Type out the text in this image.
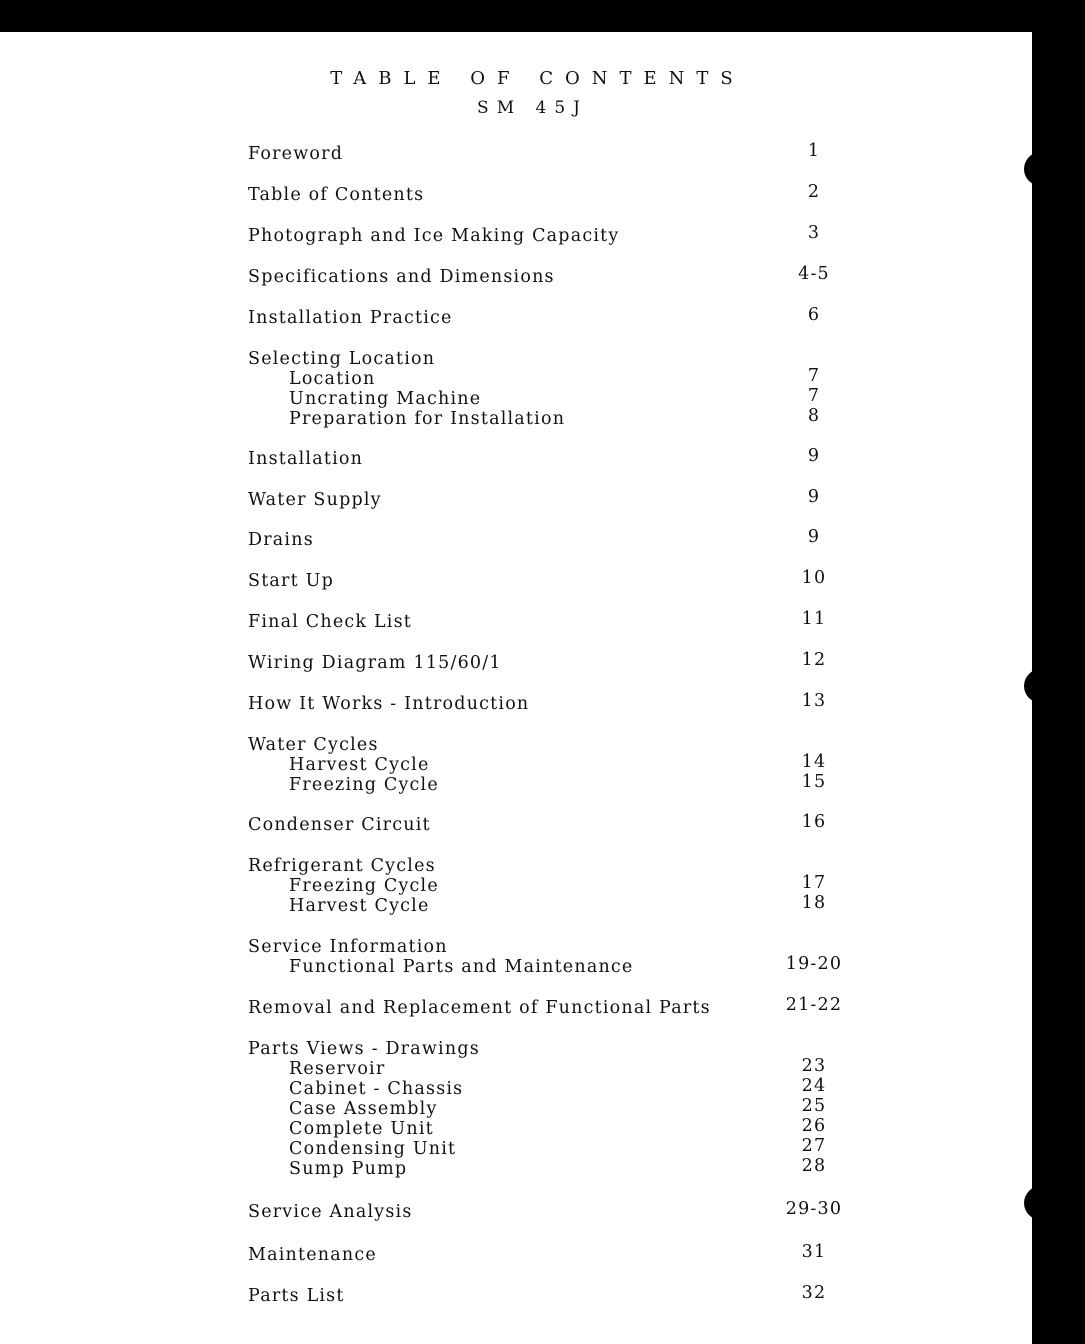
TABLE OF CONTENTS
SM 45J
Foreword	1
Table of Contents	2
Photograph and Ice Making Capacity	3
Specifications and Dimensions	4-5
Installation Practice	6
Selecting Location
Location	7
Uncrating Machine	7
Preparation for Installation	8
Installation	9
Water Supply	9
Drains	9
Start Up	10
Final Check List	11
Wiring Diagram 115/60/1	12
How It Works - Introduction	13
Water Cycles
Harvest Cycle	14
Freezing Cycle	15
Condenser Circuit	16
Refrigerant Cycles
Freezing Cycle	17
Harvest Cycle	18
Service Information
Functional Parts and Maintenance	19-20
Removal and Replacement of Functional Parts	21-22
Parts Views - Drawings
Reservoir	23
Cabinet - Chassis	24
Case Assembly	25
Complete Unit	26
Condensing Unit	27
Sump Pump	28
Service Analysis	29-30
Maintenance	31
Parts List	32
